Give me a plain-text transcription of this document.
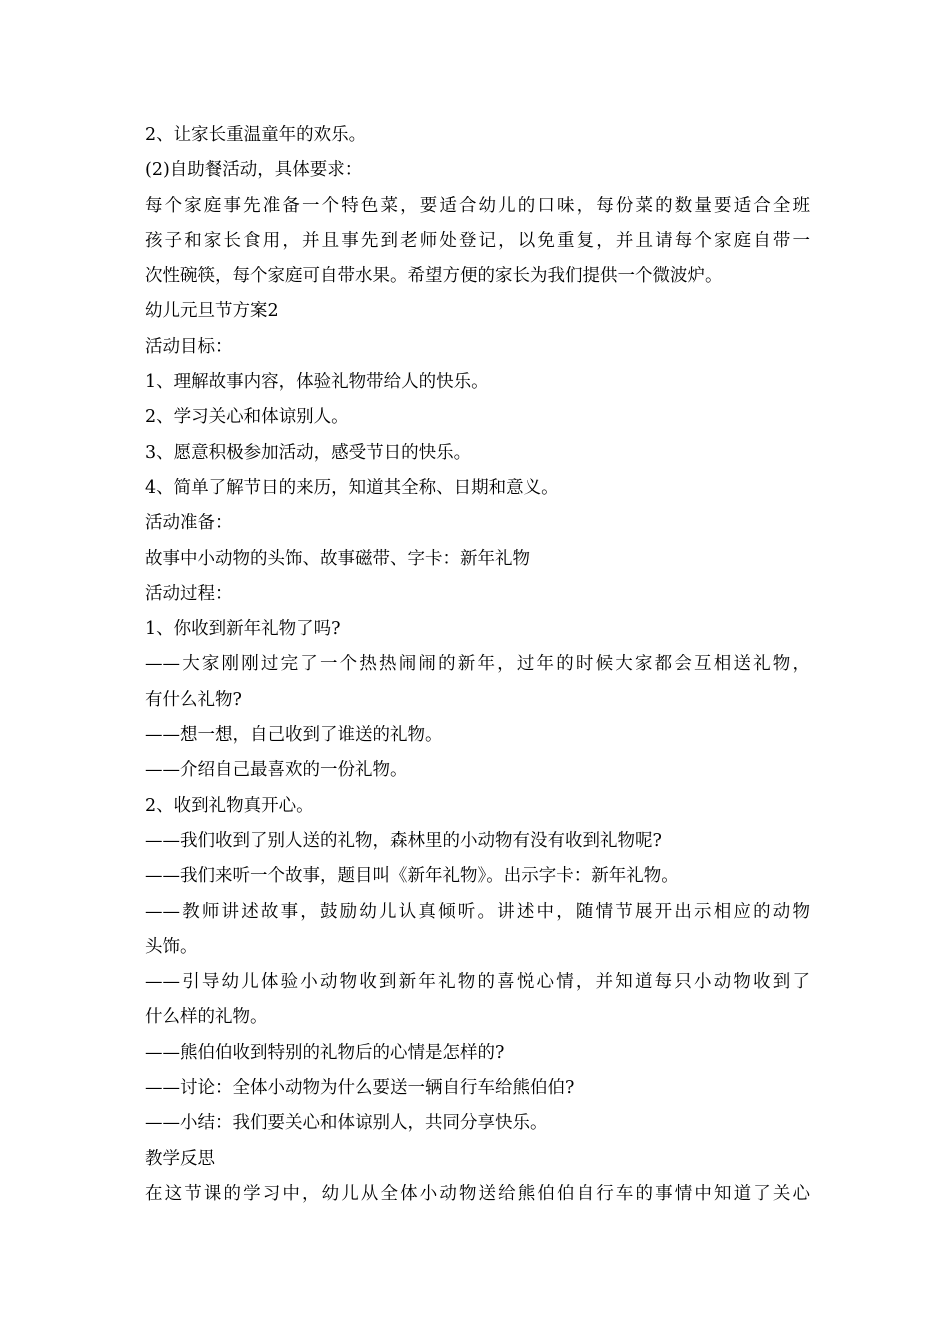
2、让家长重温童年的欢乐。
(2)自助餐活动，具体要求：
每个家庭事先准备一个特色菜，要适合幼儿的口味，每份菜的数量要适合全班
孩子和家长食用，并且事先到老师处登记，以免重复，并且请每个家庭自带一
次性碗筷，每个家庭可自带水果。希望方便的家长为我们提供一个微波炉。
幼儿元旦节方案2
活动目标：
1、理解故事内容，体验礼物带给人的快乐。
2、学习关心和体谅别人。
3、愿意积极参加活动，感受节日的快乐。
4、简单了解节日的来历，知道其全称、日期和意义。
活动准备：
故事中小动物的头饰、故事磁带、字卡：新年礼物
活动过程：
1、你收到新年礼物了吗?
——大家刚刚过完了一个热热闹闹的新年，过年的时候大家都会互相送礼物，
有什么礼物?
——想一想，自己收到了谁送的礼物。
——介绍自己最喜欢的一份礼物。
2、收到礼物真开心。
——我们收到了别人送的礼物，森林里的小动物有没有收到礼物呢?
——我们来听一个故事，题目叫《新年礼物》。出示字卡：新年礼物。
——教师讲述故事，鼓励幼儿认真倾听。讲述中，随情节展开出示相应的动物
头饰。
——引导幼儿体验小动物收到新年礼物的喜悦心情，并知道每只小动物收到了
什么样的礼物。
——熊伯伯收到特别的礼物后的心情是怎样的?
——讨论：全体小动物为什么要送一辆自行车给熊伯伯?
——小结：我们要关心和体谅别人，共同分享快乐。
教学反思
在这节课的学习中，幼儿从全体小动物送给熊伯伯自行车的事情中知道了关心
